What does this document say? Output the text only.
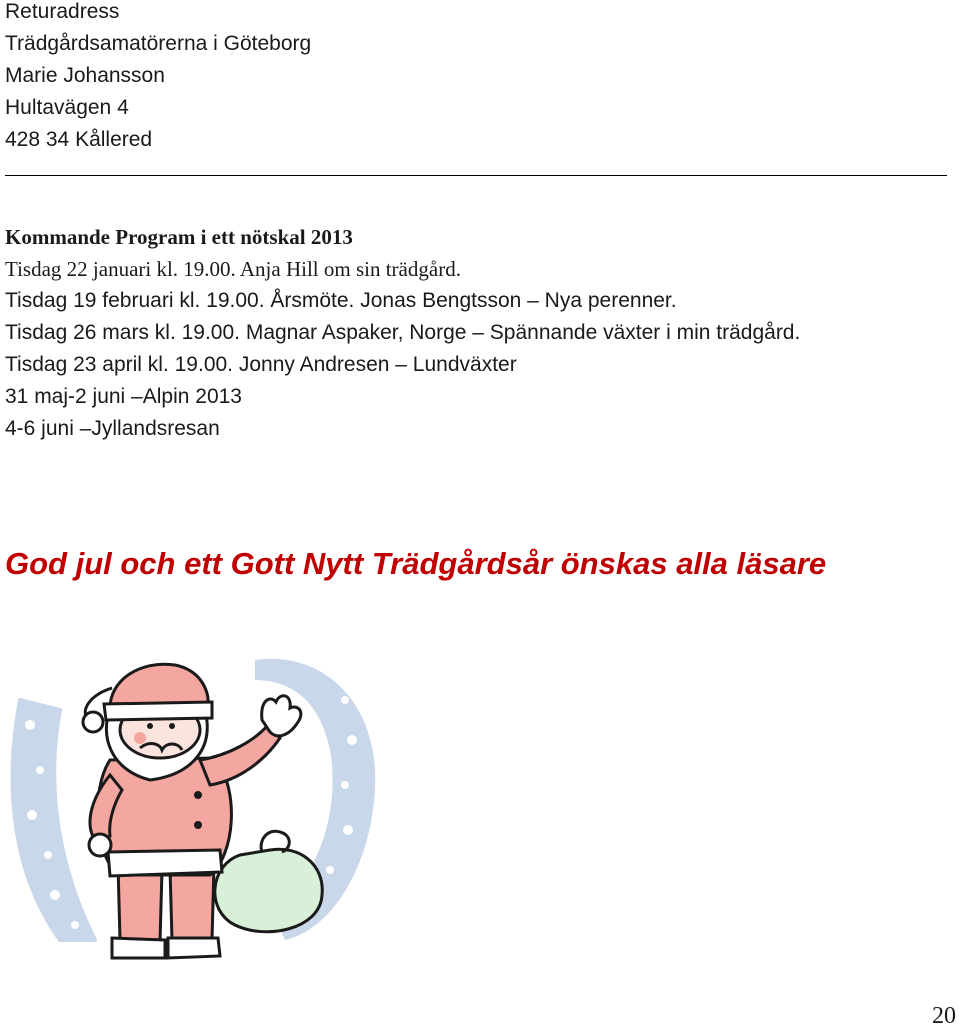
Returadress
Trädgårdsamatörerna i Göteborg
Marie Johansson
Hultavägen 4
428 34 Kållered
Kommande Program i ett nötskal 2013
Tisdag 22 januari kl. 19.00. Anja Hill om sin trädgård.
Tisdag 19 februari kl. 19.00. Årsmöte. Jonas Bengtsson – Nya perenner.
Tisdag 26 mars kl. 19.00. Magnar Aspaker, Norge – Spännande växter i min trädgård.
Tisdag 23 april kl. 19.00. Jonny Andresen – Lundväxter
31 maj-2 juni –Alpin 2013
4-6 juni –Jyllandsresan
God jul och ett Gott Nytt Trädgårdsår önskas alla läsare
20
